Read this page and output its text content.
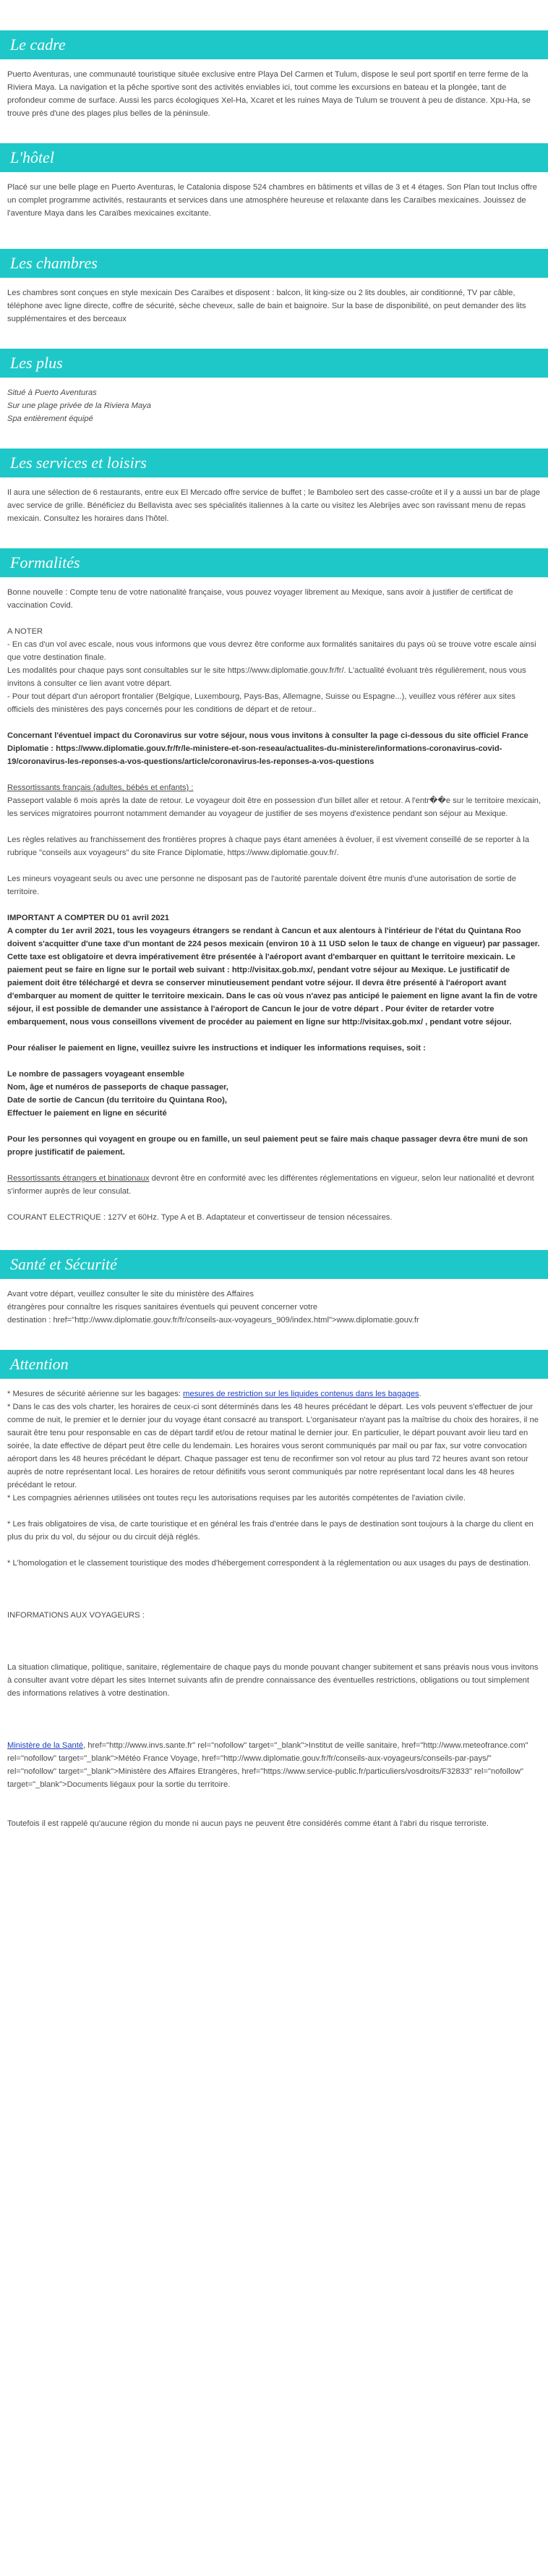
Le cadre

Puerto Aventuras, une communauté touristique située exclusive entre Playa Del Carmen et Tulum, dispose le seul port sportif en terre ferme de la Riviera Maya. La navigation et la pêche sportive sont des activités enviables ici, tout comme les excursions en bateau et la plongée, tant de profondeur comme de surface. Aussi les parcs écologiques Xel-Ha, Xcaret et les ruines Maya de Tulum se trouvent à peu de distance. Xpu-Ha, se trouve près d'une des plages plus belles de la péninsule.

L'hôtel

Placé sur une belle plage en Puerto Aventuras, le Catalonia dispose 524 chambres en bâtiments et villas de 3 et 4 étages. Son Plan tout Inclus offre un complet programme activités, restaurants et services dans une atmosphère heureuse et relaxante dans les Caraïbes mexicaines. Jouissez de l'aventure Maya dans les Caraïbes mexicaines excitante.

Les chambres

Les chambres sont conçues en style mexicain Des Caraïbes et disposent : balcon, lit king-size ou 2 lits doubles, air conditionné, TV par câble, téléphone avec ligne directe, coffre de sécurité, sèche cheveux, salle de bain et baignoire. Sur la base de disponibilité, on peut demander des lits supplémentaires et des berceaux

Les plus

Situé à Puerto Aventuras

Sur une plage privée de la Riviera Maya

Spa entièrement équipé

Les services et loisirs

Il aura une sélection de 6 restaurants, entre eux El Mercado offre service de buffet ; le Bamboleo sert des casse-croûte et il y a aussi un bar de plage avec service de grille. Bénéficiez du Bellavista avec ses spécialités italiennes à la carte ou visitez les Alebrijes avec son ravissant menu de repas mexicain. Consultez les horaires dans l'hôtel.

Formalités

Bonne nouvelle : Compte tenu de votre nationalité française, vous pouvez voyager librement au Mexique, sans avoir à justifier de certificat de vaccination Covid.

A NOTER

- En cas d'un vol avec escale, nous vous informons que vous devrez être conforme aux formalités sanitaires du pays où se trouve votre escale ainsi que votre destination finale.

Les modalités pour chaque pays sont consultables sur le site https://www.diplomatie.gouv.fr/fr/. L'actualité évoluant très régulièrement, nous vous invitons à consulter ce lien avant votre départ.

- Pour tout départ d'un aéroport frontalier (Belgique, Luxembourg, Pays-Bas, Allemagne, Suisse ou Espagne...), veuillez vous référer aux sites officiels des ministères des pays concernés pour les conditions de départ et de retour..

Concernant l'éventuel impact du Coronavirus sur votre séjour, nous vous invitons à consulter la page ci-dessous du site officiel France Diplomatie : https://www.diplomatie.gouv.fr/fr/le-ministere-et-son-reseau/actualites-du-ministere/informations-coronavirus-covid-19/coronavirus-les-reponses-a-vos-questions/article/coronavirus-les-reponses-a-vos-questions

Ressortissants français (adultes, bébés et enfants) :

Passeport valable 6 mois après la date de retour. Le voyageur doit être en possession d'un billet aller et retour. A l'entr��e sur le territoire mexicain, les services migratoires pourront notamment demander au voyageur de justifier de ses moyens d'existence pendant son séjour au Mexique.

Les règles relatives au franchissement des frontières propres à chaque pays étant amenées à évoluer, il est vivement conseillé de se reporter à la rubrique "conseils aux voyageurs" du site France Diplomatie, https://www.diplomatie.gouv.fr/.

Les mineurs voyageant seuls ou avec une personne ne disposant pas de l'autorité parentale doivent être munis d'une autorisation de sortie de territoire.

IMPORTANT A COMPTER DU 01 avril 2021

A compter du 1er avril 2021, tous les voyageurs étrangers se rendant à Cancun et aux alentours à l'intérieur de l'état du Quintana Roo doivent s'acquitter d'une taxe d'un montant de 224 pesos mexicain (environ 10 à 11 USD selon le taux de change en vigueur) par passager. Cette taxe est obligatoire et devra impérativement être présentée à l'aéroport avant d'embarquer en quittant le territoire mexicain. Le paiement peut se faire en ligne sur le portail web suivant : http://visitax.gob.mx/, pendant votre séjour au Mexique. Le justificatif de paiement doit être téléchargé et devra se conserver minutieusement pendant votre séjour. Il devra être présenté à l'aéroport avant d'embarquer au moment de quitter le territoire mexicain. Dans le cas où vous n'avez pas anticipé le paiement en ligne avant la fin de votre séjour, il est possible de demander une assistance à l'aéroport de Cancun le jour de votre départ . Pour éviter de retarder votre embarquement, nous vous conseillons vivement de procéder au paiement en ligne sur http://visitax.gob.mx/ , pendant votre séjour.

Pour réaliser le paiement en ligne, veuillez suivre les instructions et indiquer les informations requises, soit :

Le nombre de passagers voyageant ensemble

Nom, âge et numéros de passeports de chaque passager,

Date de sortie de Cancun (du territoire du Quintana Roo),

Effectuer le paiement en ligne en sécurité

Pour les personnes qui voyagent en groupe ou en famille, un seul paiement peut se faire mais chaque passager devra être muni de son propre justificatif de paiement.

Ressortissants étrangers et binationaux devront être en conformité avec les différentes réglementations en vigueur, selon leur nationalité et devront s'informer auprès de leur consulat.

COURANT ELECTRIQUE : 127V et 60Hz. Type A et B. Adaptateur et convertisseur de tension nécessaires.

Santé et Sécurité

Avant votre départ, veuillez consulter le site du ministère des Affaires

étrangères pour connaître les risques sanitaires éventuels qui peuvent concerner votre

destination : href="http://www.diplomatie.gouv.fr/fr/conseils-aux-voyageurs_909/index.html">www.diplomatie.gouv.fr

Attention

* Mesures de sécurité aérienne sur les bagages: mesures de restriction sur les liquides contenus dans les bagages.

* Dans le cas des vols charter, les horaires de ceux-ci sont déterminés dans les 48 heures précédant le départ. Les vols peuvent s'effectuer de jour comme de nuit, le premier et le dernier jour du voyage étant consacré au transport. L'organisateur n'ayant pas la maîtrise du choix des horaires, il ne saurait être tenu pour responsable en cas de départ tardif et/ou de retour matinal le dernier jour. En particulier, le départ pouvant avoir lieu tard en soirée, la date effective de départ peut être celle du lendemain. Les horaires vous seront communiqués par mail ou par fax, sur votre convocation aéroport dans les 48 heures précédant le départ. Chaque passager est tenu de reconfirmer son vol retour au plus tard 72 heures avant son retour auprès de notre représentant local. Les horaires de retour définitifs vous seront communiqués par notre représentant local dans les 48 heures précédant le retour.

* Les compagnies aériennes utilisées ont toutes reçu les autorisations requises par les autorités compétentes de l'aviation civile.

* Les frais obligatoires de visa, de carte touristique et en général les frais d'entrée dans le pays de destination sont toujours à la charge du client en plus du prix du vol, du séjour ou du circuit déjà réglés.

* L'homologation et le classement touristique des modes d'hébergement correspondent à la réglementation ou aux usages du pays de destination.

INFORMATIONS AUX VOYAGEURS :

La situation climatique, politique, sanitaire, réglementaire de chaque pays du monde pouvant changer subitement et sans préavis nous vous invitons à consulter avant votre départ les sites Internet suivants afin de prendre connaissance des éventuelles restrictions, obligations ou tout simplement des informations relatives à votre destination.

Ministère de la Santé, href="http://www.invs.sante.fr" rel="nofollow" target="_blank">Institut de veille sanitaire, href="http://www.meteofrance.com" rel="nofollow" target="_blank">Météo France Voyage, href="http://www.diplomatie.gouv.fr/fr/conseils-aux-voyageurs/conseils-par-pays/" rel="nofollow" target="_blank">Ministère des Affaires Etrangères, href="https://www.service-public.fr/particuliers/vosdroits/F32833" rel="nofollow" target="_blank">Documents liégaux pour la sortie du territoire.

Toutefois il est rappelé qu'aucune région du monde ni aucun pays ne peuvent être considérés comme étant à l'abri du risque terroriste.
